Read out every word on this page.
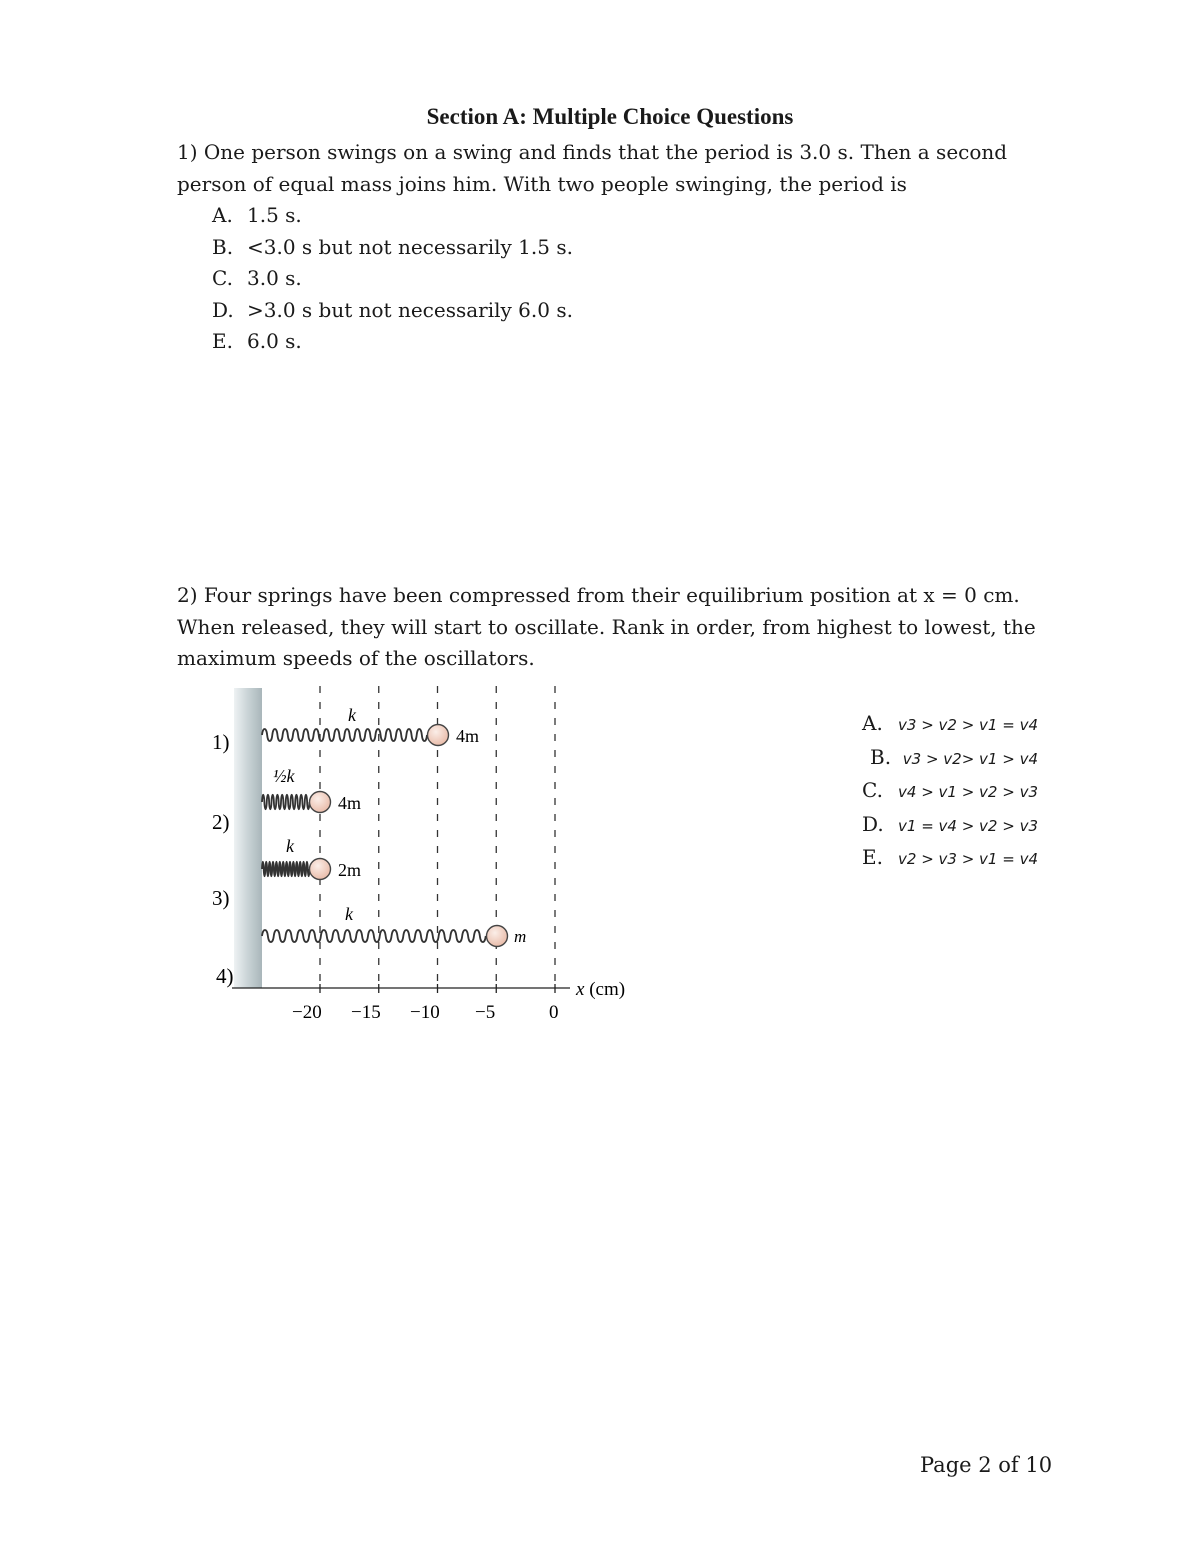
Section A: Multiple Choice Questions
1) One person swings on a swing and finds that the period is 3.0 s. Then a second person of equal mass joins him. With two people swinging, the period is
A. 1.5 s.
B. <3.0 s but not necessarily 1.5 s.
C. 3.0 s.
D. >3.0 s but not necessarily 6.0 s.
E. 6.0 s.
2) Four springs have been compressed from their equilibrium position at x = 0 cm. When released, they will start to oscillate. Rank in order, from highest to lowest, the maximum speeds of the oscillators.
1)
2)
3)
4)
k
4m
½k
4m
k
2m
k
m
−20 −15 −10 −5	0
x (cm)
A. v3 > v2 > v1 = v4
B. v3 > v2> v1 > v4
C. v4 > v1 > v2 > v3
D. v1 = v4 > v2 > v3
E. v2 > v3 > v1 = v4
Page 2 of 10
